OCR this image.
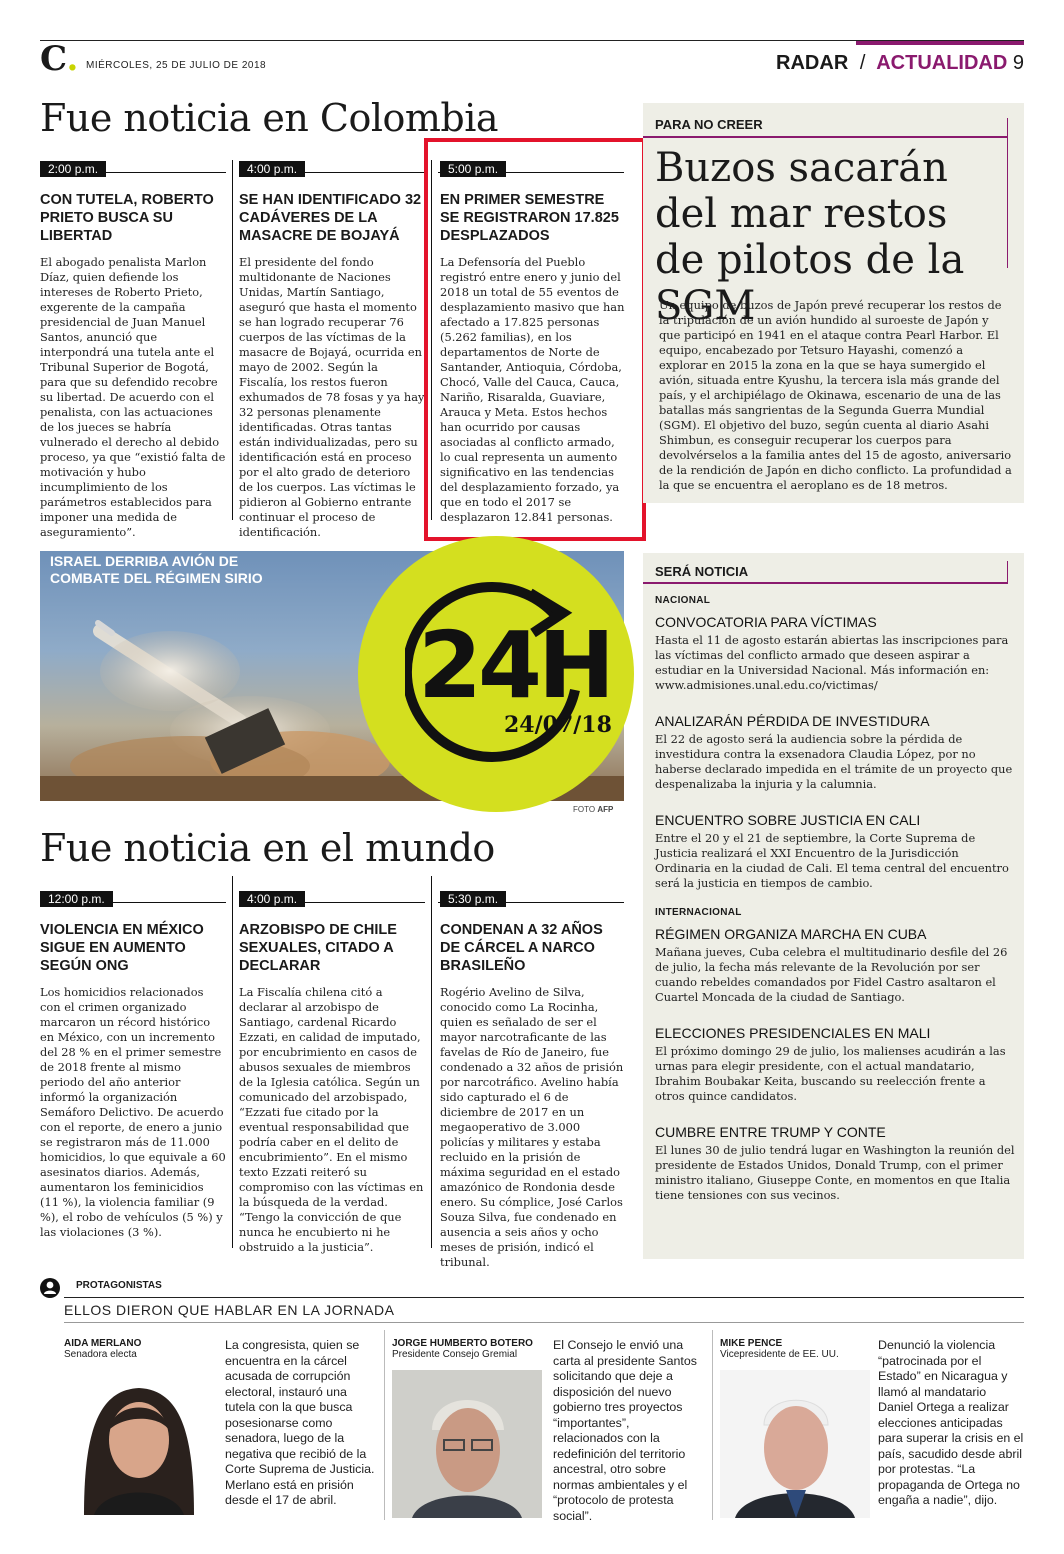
C. MIÉRCOLES, 25 DE JULIO DE 2018	RADAR / ACTUALIDAD 9
Fue noticia en Colombia
2:00 p.m.
CON TUTELA, ROBERTO PRIETO BUSCA SU LIBERTAD
El abogado penalista Marlon Díaz, quien defiende los intereses de Roberto Prieto, exgerente de la campaña presidencial de Juan Manuel Santos, anunció que interpondrá una tutela ante el Tribunal Superior de Bogotá, para que su defendido recobre su libertad. De acuerdo con el penalista, con las actuaciones de los jueces se habría vulnerado el derecho al debido proceso, ya que “existió falta de motivación y hubo incumplimiento de los parámetros establecidos para imponer una medida de aseguramiento”.
4:00 p.m.
SE HAN IDENTIFICADO 32 CADÁVERES DE LA MASACRE DE BOJAYÁ
El presidente del fondo multidonante de Naciones Unidas, Martín Santiago, aseguró que hasta el momento se han logrado recuperar 76 cuerpos de las víctimas de la masacre de Bojayá, ocurrida en mayo de 2002. Según la Fiscalía, los restos fueron exhumados de 78 fosas y ya hay 32 personas plenamente identificadas. Otras tantas están individualizadas, pero su identificación está en proceso por el alto grado de deterioro de los cuerpos. Las víctimas le pidieron al Gobierno entrante continuar el proceso de identificación.
5:00 p.m.
EN PRIMER SEMESTRE SE REGISTRARON 17.825 DESPLAZADOS
La Defensoría del Pueblo registró entre enero y junio del 2018 un total de 55 eventos de desplazamiento masivo que han afectado a 17.825 personas (5.262 familias), en los departamentos de Norte de Santander, Antioquia, Córdoba, Chocó, Valle del Cauca, Cauca, Nariño, Risaralda, Guaviare, Arauca y Meta. Estos hechos han ocurrido por causas asociadas al conflicto armado, lo cual representa un aumento significativo en las tendencias del desplazamiento forzado, ya que en todo el 2017 se desplazaron 12.841 personas.
PARA NO CREER
Buzos sacarán del mar restos de pilotos de la SGM
Un equipo de buzos de Japón prevé recuperar los restos de la tripulación de un avión hundido al suroeste de Japón y que participó en 1941 en el ataque contra Pearl Harbor. El equipo, encabezado por Tetsuro Hayashi, comenzó a explorar en 2015 la zona en la que se haya sumergido el avión, situada entre Kyushu, la tercera isla más grande del país, y el archipiélago de Okinawa, escenario de una de las batallas más sangrientas de la Segunda Guerra Mundial (SGM). El objetivo del buzo, según cuenta al diario Asahi Shimbun, es conseguir recuperar los cuerpos para devolvérselos a la familia antes del 15 de agosto, aniversario de la rendición de Japón en dicho conflicto. La profundidad a la que se encuentra el aeroplano es de 18 metros.
ISRAEL DERRIBA AVIÓN DE
COMBATE DEL RÉGIMEN SIRIO
24H
24/07/18
FOTO AFP
SERÁ NOTICIA
NACIONAL
CONVOCATORIA PARA VÍCTIMAS
Hasta el 11 de agosto estarán abiertas las inscripciones para las víctimas del conflicto armado que deseen aspirar a estudiar en la Universidad Nacional. Más información en: www.admisiones.unal.edu.co/victimas/
ANALIZARÁN PÉRDIDA DE INVESTIDURA
El 22 de agosto será la audiencia sobre la pérdida de investidura contra la exsenadora Claudia López, por no haberse declarado impedida en el trámite de un proyecto que despenalizaba la injuria y la calumnia.
ENCUENTRO SOBRE JUSTICIA EN CALI
Entre el 20 y el 21 de septiembre, la Corte Suprema de Justicia realizará el XXI Encuentro de la Jurisdicción Ordinaria en la ciudad de Cali. El tema central del encuentro será la justicia en tiempos de cambio.
INTERNACIONAL
RÉGIMEN ORGANIZA MARCHA EN CUBA
Mañana jueves, Cuba celebra el multitudinario desfile del 26 de julio, la fecha más relevante de la Revolución por ser cuando rebeldes comandados por Fidel Castro asaltaron el Cuartel Moncada de la ciudad de Santiago.
ELECCIONES PRESIDENCIALES EN MALI
El próximo domingo 29 de julio, los malienses acudirán a las urnas para elegir presidente, con el actual mandatario, Ibrahim Boubakar Keita, buscando su reelección frente a otros quince candidatos.
CUMBRE ENTRE TRUMP Y CONTE
El lunes 30 de julio tendrá lugar en Washington la reunión del presidente de Estados Unidos, Donald Trump, con el primer ministro italiano, Giuseppe Conte, en momentos en que Italia tiene tensiones con sus vecinos.
Fue noticia en el mundo
12:00 p.m.
VIOLENCIA EN MÉXICO SIGUE EN AUMENTO SEGÚN ONG
Los homicidios relacionados con el crimen organizado marcaron un récord histórico en México, con un incremento del 28 % en el primer semestre de 2018 frente al mismo periodo del año anterior informó la organización Semáforo Delictivo. De acuerdo con el reporte, de enero a junio se registraron más de 11.000 homicidios, lo que equivale a 60 asesinatos diarios. Además, aumentaron los feminicidios (11 %), la violencia familiar (9 %), el robo de vehículos (5 %) y las violaciones (3 %).
4:00 p.m.
ARZOBISPO DE CHILE SEXUALES, CITADO A DECLARAR
La Fiscalía chilena citó a declarar al arzobispo de Santiago, cardenal Ricardo Ezzati, en calidad de imputado, por encubrimiento en casos de abusos sexuales de miembros de la Iglesia católica. Según un comunicado del arzobispado, “Ezzati fue citado por la eventual responsabilidad que podría caber en el delito de encubrimiento”. En el mismo texto Ezzati reiteró su compromiso con las víctimas en la búsqueda de la verdad. “Tengo la convicción de que nunca he encubierto ni he obstruido a la justicia”.
5:30 p.m.
CONDENAN A 32 AÑOS DE CÁRCEL A NARCO BRASILEÑO
Rogério Avelino de Silva, conocido como La Rocinha, quien es señalado de ser el mayor narcotraficante de las favelas de Río de Janeiro, fue condenado a 32 años de prisión por narcotráfico. Avelino había sido capturado el 6 de diciembre de 2017 en un megaoperativo de 3.000 policías y militares y estaba recluido en la prisión de máxima seguridad en el estado amazónico de Rondonia desde enero. Su cómplice, José Carlos Souza Silva, fue condenado en ausencia a seis años y ocho meses de prisión, indicó el tribunal.
PROTAGONISTAS
ELLOS DIERON QUE HABLAR EN LA JORNADA
AIDA MERLANO
Senadora electa
La congresista, quien se encuentra en la cárcel acusada de corrupción electoral, instauró una tutela con la que busca posesionarse como senadora, luego de la negativa que recibió de la Corte Suprema de Justicia. Merlano está en prisión desde el 17 de abril.
JORGE HUMBERTO BOTERO
Presidente Consejo Gremial
El Consejo le envió una carta al presidente Santos solicitando que deje a disposición del nuevo gobierno tres proyectos “importantes”, relacionados con la redefinición del territorio ancestral, otro sobre normas ambientales y el “protocolo de protesta social”.
MIKE PENCE
Vicepresidente de EE. UU.
Denunció la violencia “patrocinada por el Estado” en Nicaragua y llamó al mandatario Daniel Ortega a realizar elecciones anticipadas para superar la crisis en el país, sacudido desde abril por protestas. “La propaganda de Ortega no engaña a nadie”, dijo.
